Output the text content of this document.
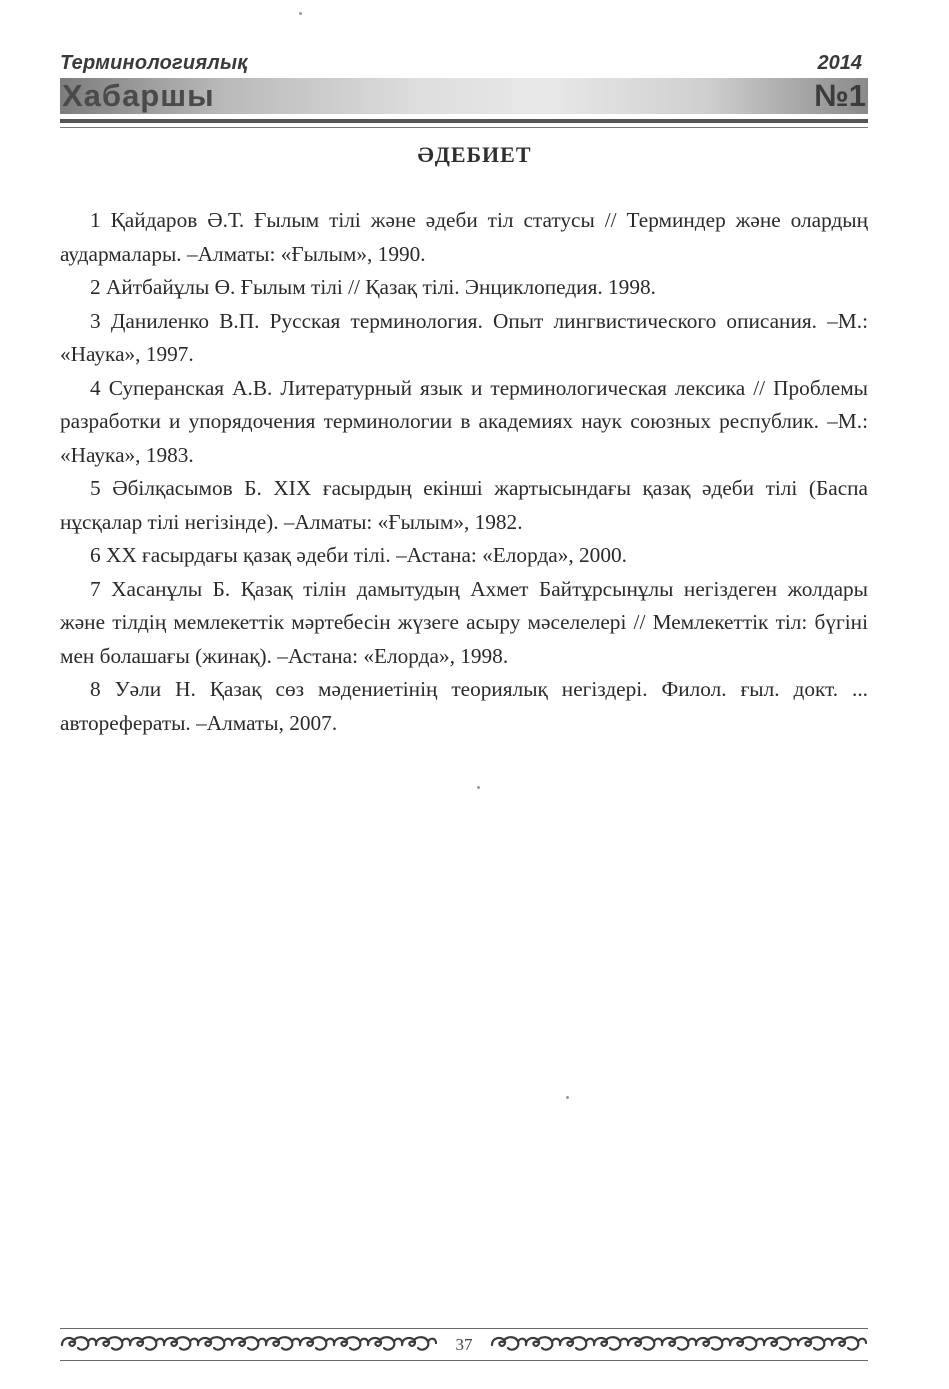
Терминологиялық	2014
Хабаршы	№1
ӘДЕБИЕТ
1 Қайдаров Ә.Т. Ғылым тілі және әдеби тіл статусы // Терминдер және олардың аудармалары. –Алматы: «Ғылым», 1990.
2 Айтбайұлы Ө. Ғылым тілі // Қазақ тілі. Энциклопедия. 1998.
3 Даниленко В.П. Русская терминология. Опыт лингвистического описания. –М.: «Наука», 1997.
4 Суперанская А.В. Литературный язык и терминологическая лексика // Проблемы разработки и упорядочения терминологии в академиях наук союзных республик. –М.: «Наука», 1983.
5 Әбілқасымов Б. XIX ғасырдың екінші жартысындағы қазақ әдеби тілі (Баспа нұсқалар тілі негізінде). –Алматы: «Ғылым», 1982.
6 XX ғасырдағы қазақ әдеби тілі. –Астана: «Елорда», 2000.
7 Хасанұлы Б. Қазақ тілін дамытудың Ахмет Байтұрсынұлы негіздеген жолдары және тілдің мемлекеттік мәртебесін жүзеге асыру мәселелері // Мемлекеттік тіл: бүгіні мен болашағы (жинақ). –Астана: «Елорда», 1998.
8 Уәли Н. Қазақ сөз мәдениетінің теориялық негіздері. Филол. ғыл. докт. ... авторефераты. –Алматы, 2007.
37
